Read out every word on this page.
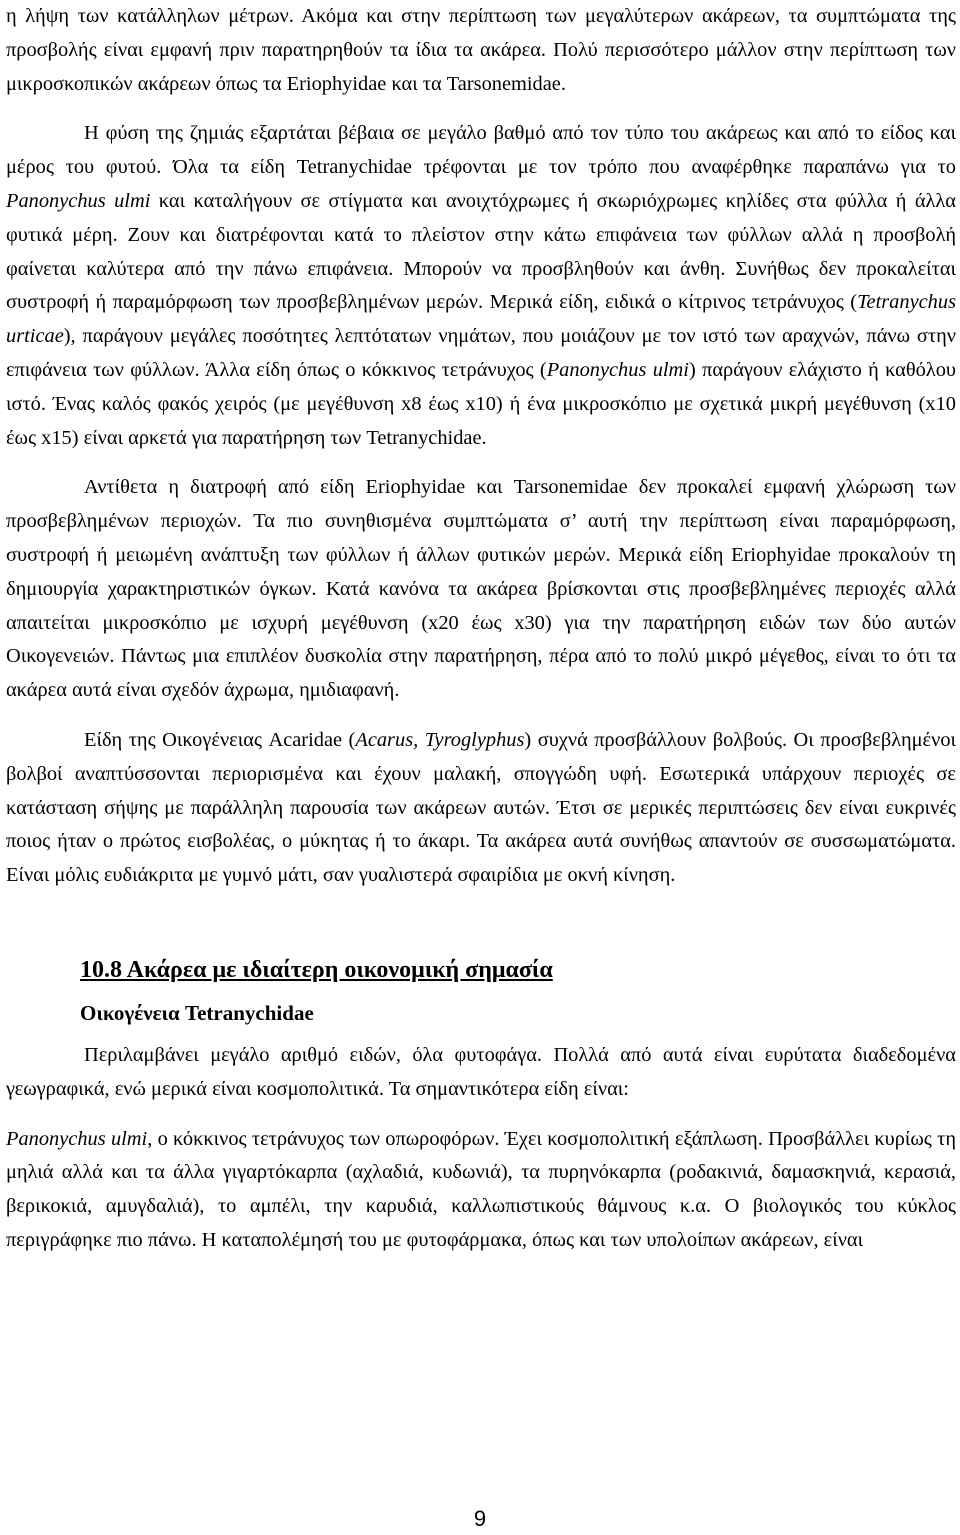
η λήψη των κατάλληλων μέτρων. Ακόμα και στην περίπτωση των μεγαλύτερων ακάρεων, τα συμπτώματα της προσβολής είναι εμφανή πριν παρατηρηθούν τα ίδια τα ακάρεα. Πολύ περισσότερο μάλλον στην περίπτωση των μικροσκοπικών ακάρεων όπως τα Eriophyidae και τα Tarsonemidae.

Η φύση της ζημιάς εξαρτάται βέβαια σε μεγάλο βαθμό από τον τύπο του ακάρεως και από το είδος και μέρος του φυτού. Όλα τα είδη Tetranychidae τρέφονται με τον τρόπο που αναφέρθηκε παραπάνω για το Panonychus ulmi και καταλήγουν σε στίγματα και ανοιχτόχρωμες ή σκωριόχρωμες κηλίδες στα φύλλα ή άλλα φυτικά μέρη. Ζουν και διατρέφονται κατά το πλείστον στην κάτω επιφάνεια των φύλλων αλλά η προσβολή φαίνεται καλύτερα από την πάνω επιφάνεια. Μπορούν να προσβληθούν και άνθη. Συνήθως δεν προκαλείται συστροφή ή παραμόρφωση των προσβεβλημένων μερών. Μερικά είδη, ειδικά ο κίτρινος τετράνυχος (Tetranychus urticae), παράγουν μεγάλες ποσότητες λεπτότατων νημάτων, που μοιάζουν με τον ιστό των αραχνών, πάνω στην επιφάνεια των φύλλων. Άλλα είδη όπως ο κόκκινος τετράνυχος (Panonychus ulmi) παράγουν ελάχιστο ή καθόλου ιστό. Ένας καλός φακός χειρός (με μεγέθυνση x8 έως x10) ή ένα μικροσκόπιο με σχετικά μικρή μεγέθυνση (x10 έως x15) είναι αρκετά για παρατήρηση των Tetranychidae.

Αντίθετα η διατροφή από είδη Eriophyidae και Tarsonemidae δεν προκαλεί εμφανή χλώρωση των προσβεβλημένων περιοχών. Τα πιο συνηθισμένα συμπτώματα σ’ αυτή την περίπτωση είναι παραμόρφωση, συστροφή ή μειωμένη ανάπτυξη των φύλλων ή άλλων φυτικών μερών. Μερικά είδη Eriophyidae προκαλούν τη δημιουργία χαρακτηριστικών όγκων. Κατά κανόνα τα ακάρεα βρίσκονται στις προσβεβλημένες περιοχές αλλά απαιτείται μικροσκόπιο με ισχυρή μεγέθυνση (x20 έως x30) για την παρατήρηση ειδών των δύο αυτών Οικογενειών. Πάντως μια επιπλέον δυσκολία στην παρατήρηση, πέρα από το πολύ μικρό μέγεθος, είναι το ότι τα ακάρεα αυτά είναι σχεδόν άχρωμα, ημιδιαφανή.

Είδη της Οικογένειας Acaridae (Acarus, Tyroglyphus) συχνά προσβάλλουν βολβούς. Οι προσβεβλημένοι βολβοί αναπτύσσονται περιορισμένα και έχουν μαλακή, σπογγώδη υφή. Εσωτερικά υπάρχουν περιοχές σε κατάσταση σήψης με παράλληλη παρουσία των ακάρεων αυτών. Έτσι σε μερικές περιπτώσεις δεν είναι ευκρινές ποιος ήταν ο πρώτος εισβολέας, ο μύκητας ή το άκαρι. Τα ακάρεα αυτά συνήθως απαντούν σε συσσωματώματα. Είναι μόλις ευδιάκριτα με γυμνό μάτι, σαν γυαλιστερά σφαιρίδια με οκνή κίνηση.

10.8 Ακάρεα με ιδιαίτερη οικονομική σημασία
Οικογένεια Tetranychidae

Περιλαμβάνει μεγάλο αριθμό ειδών, όλα φυτοφάγα. Πολλά από αυτά είναι ευρύτατα διαδεδομένα γεωγραφικά, ενώ μερικά είναι κοσμοπολιτικά. Τα σημαντικότερα είδη είναι:

Panonychus ulmi, ο κόκκινος τετράνυχος των οπωροφόρων. Έχει κοσμοπολιτική εξάπλωση. Προσβάλλει κυρίως τη μηλιά αλλά και τα άλλα γιγαρτόκαρπα (αχλαδιά, κυδωνιά), τα πυρηνόκαρπα (ροδακινιά, δαμασκηνιά, κερασιά, βερικοκιά, αμυγδαλιά), το αμπέλι, την καρυδιά, καλλωπιστικούς θάμνους κ.α. Ο βιολογικός του κύκλος περιγράφηκε πιο πάνω. Η καταπολέμησή του με φυτοφάρμακα, όπως και των υπολοίπων ακάρεων, είναι

9
